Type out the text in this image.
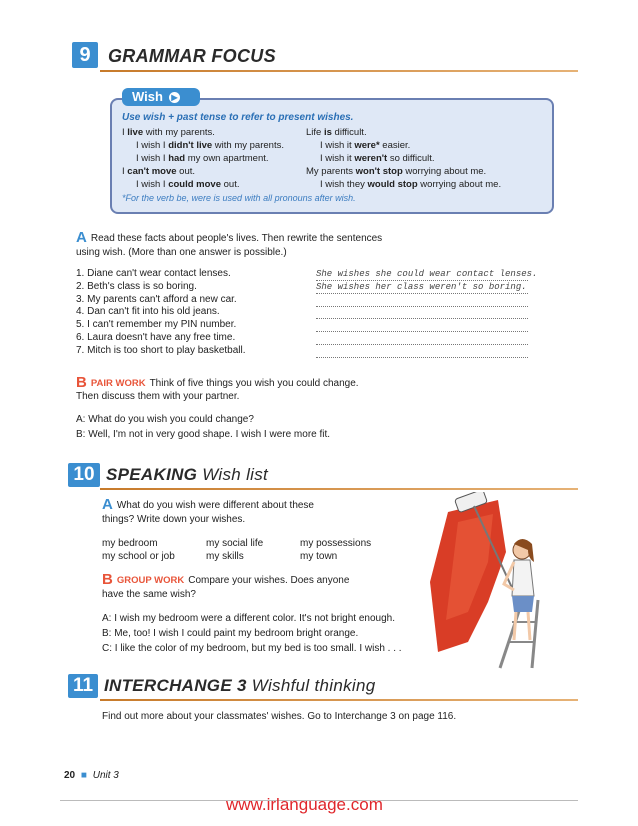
9 GRAMMAR FOCUS
Wish ▶
Use wish + past tense to refer to present wishes.
I live with my parents.
I wish I didn't live with my parents.
I wish I had my own apartment.
I can't move out.
I wish I could move out.
Life is difficult.
I wish it were* easier.
I wish it weren't so difficult.
My parents won't stop worrying about me.
I wish they would stop worrying about me.
*For the verb be, were is used with all pronouns after wish.
A Read these facts about people's lives. Then rewrite the sentences
using wish. (More than one answer is possible.)
1. Diane can't wear contact lenses.
2. Beth's class is so boring.
3. My parents can't afford a new car.
4. Dan can't fit into his old jeans.
5. I can't remember my PIN number.
6. Laura doesn't have any free time.
7. Mitch is too short to play basketball.
She wishes she could wear contact lenses.
She wishes her class weren't so boring.
BPAIR WORK Think of five things you wish you could change.
Then discuss them with your partner.
A: What do you wish you could change?
B: Well, I'm not in very good shape. I wish I were more fit.
10 SPEAKING Wish list
A What do you wish were different about these
things? Write down your wishes.
my bedroom
my school or job
my social life
my skills
my possessions
my town
BGROUP WORK Compare your wishes. Does anyone
have the same wish?
A: I wish my bedroom were a different color. It's not bright enough.
B: Me, too! I wish I could paint my bedroom bright orange.
C: I like the color of my bedroom, but my bed is too small. I wish . . .
11 INTERCHANGE 3 Wishful thinking
Find out more about your classmates' wishes. Go to Interchange 3 on page 116.
20 ■ Unit 3
www.irlanguage.com
